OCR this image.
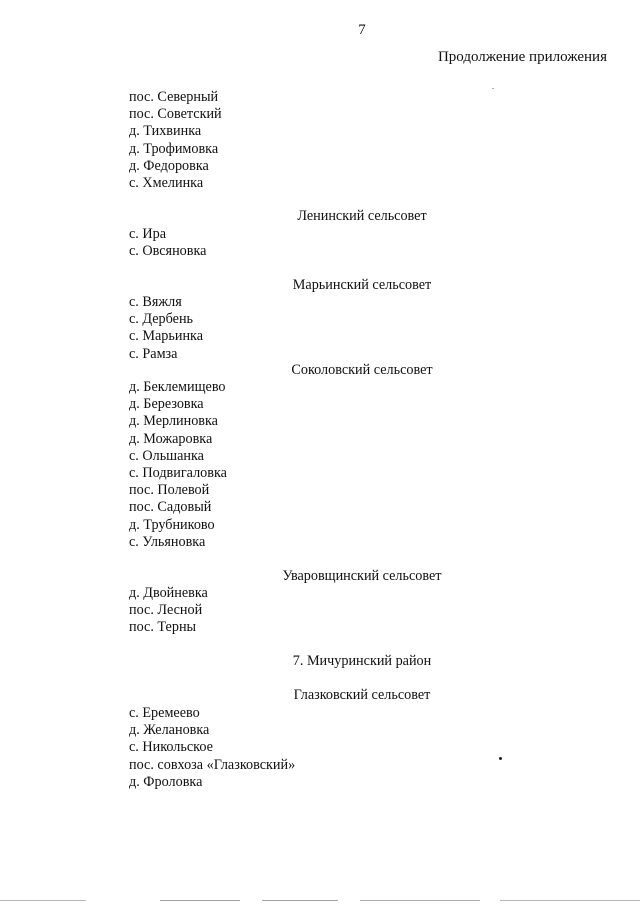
7
Продолжение приложения
пос. Северный
пос. Советский
д. Тихвинка
д. Трофимовка
д. Федоровка
с. Хмелинка
Ленинский сельсовет
с. Ира
с. Овсяновка
Марьинский сельсовет
с. Вяжля
с. Дербень
с. Марьинка
с. Рамза
Соколовский сельсовет
д. Беклемищево
д. Березовка
д. Мерлиновка
д. Можаровка
с. Ольшанка
с. Подвигаловка
пос. Полевой
пос. Садовый
д. Трубниково
с. Ульяновка
Уваровщинский сельсовет
д. Двойневка
пос. Лесной
пос. Терны
7. Мичуринский район
Глазковский сельсовет
с. Еремеево
д. Желановка
с. Никольское
пос. совхоза «Глазковский»
д. Фроловка
